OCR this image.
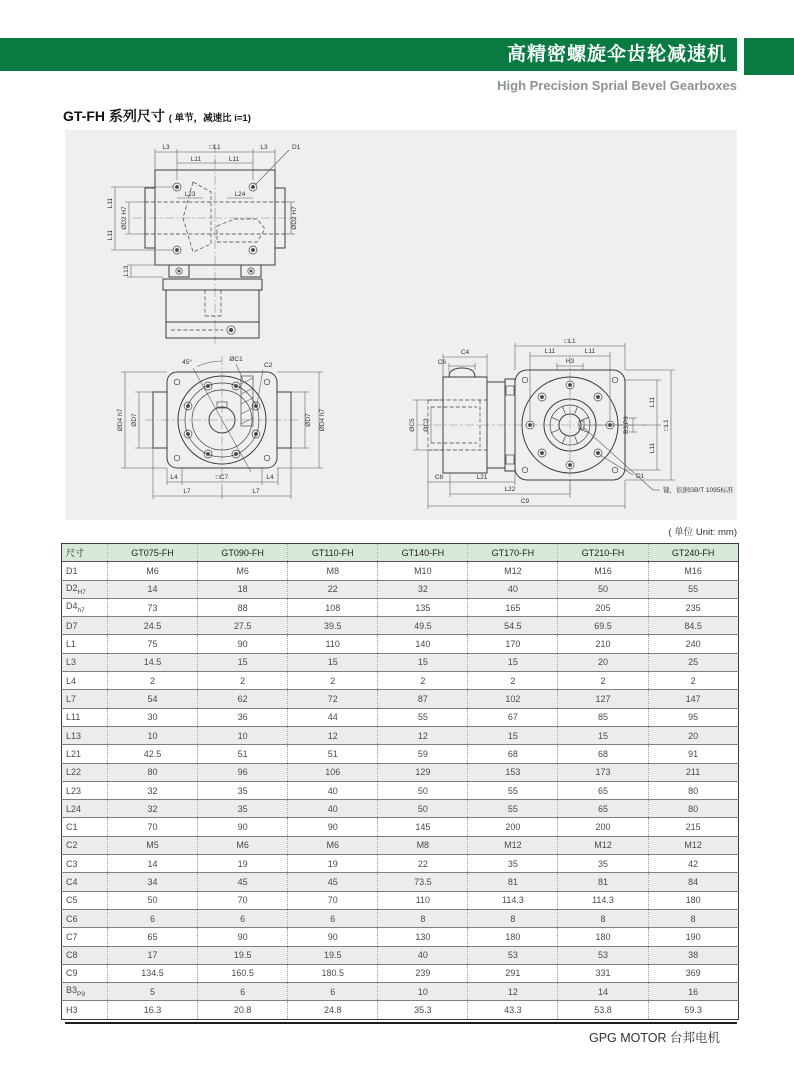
高精密螺旋伞齿轮减速机
High Precision Sprial Bevel Gearboxes
GT-FH 系列尺寸 ( 单节，减速比 i=1)
L3	□L1	L3	D1
L11	L11
L23	L24
L11
L11
ØD2 H7
L13
ØD2 H7
45°	ØC1
C2
ØD4 h7 ØD7	ØD7 ØD4 h7
L4	□C7	L4
L7	L7
C4
C6
□L1
L11	L11
H3
ØC5 ØC3
L11
L11
□L1
B3 P9
C8	L21
L22
C9
D1
键，依据GB/T 1095标准
( 单位 Unit: mm)
尺寸	GT075-FH	GT090-FH	GT110-FH	GT140-FH	GT170-FH	GT210-FH	GT240-FH
D1	M6	M6	M8	M10	M12	M16	M16
$D2_{H7}$	14	18	22	32	40	50	55
$D4_{h7}$	73	88	108	135	165	205	235
D7	24.5	27.5	39.5	49.5	54.5	69.5	84.5
L1	75	90	110	140	170	210	240
L3	14.5	15	15	15	15	20	25
L4	2	2	2	2	2	2	2
L7	54	62	72	87	102	127	147
L11	30	36	44	55	67	85	95
L13	10	10	12	12	15	15	20
L21	42.5	51	51	59	68	68	91
L22	80	96	106	129	153	173	211
L23	32	35	40	50	55	65	80
L24	32	35	40	50	55	65	80
C1	70	90	90	145	200	200	215
C2	M5	M6	M6	M8	M12	M12	M12
C3	14	19	19	22	35	35	42
C4	34	45	45	73.5	81	81	84
C5	50	70	70	110	114.3	114.3	180
C6	6	6	6	8	8	8	8
C7	65	90	90	130	180	180	190
C8	17	19.5	19.5	40	53	53	38
C9	134.5	160.5	180.5	239	291	331	369
$B3_{P9}$	5	6	6	10	12	14	16
H3	16.3	20.8	24.8	35.3	43.3	53.8	59.3
GPG MOTOR 台邦电机
